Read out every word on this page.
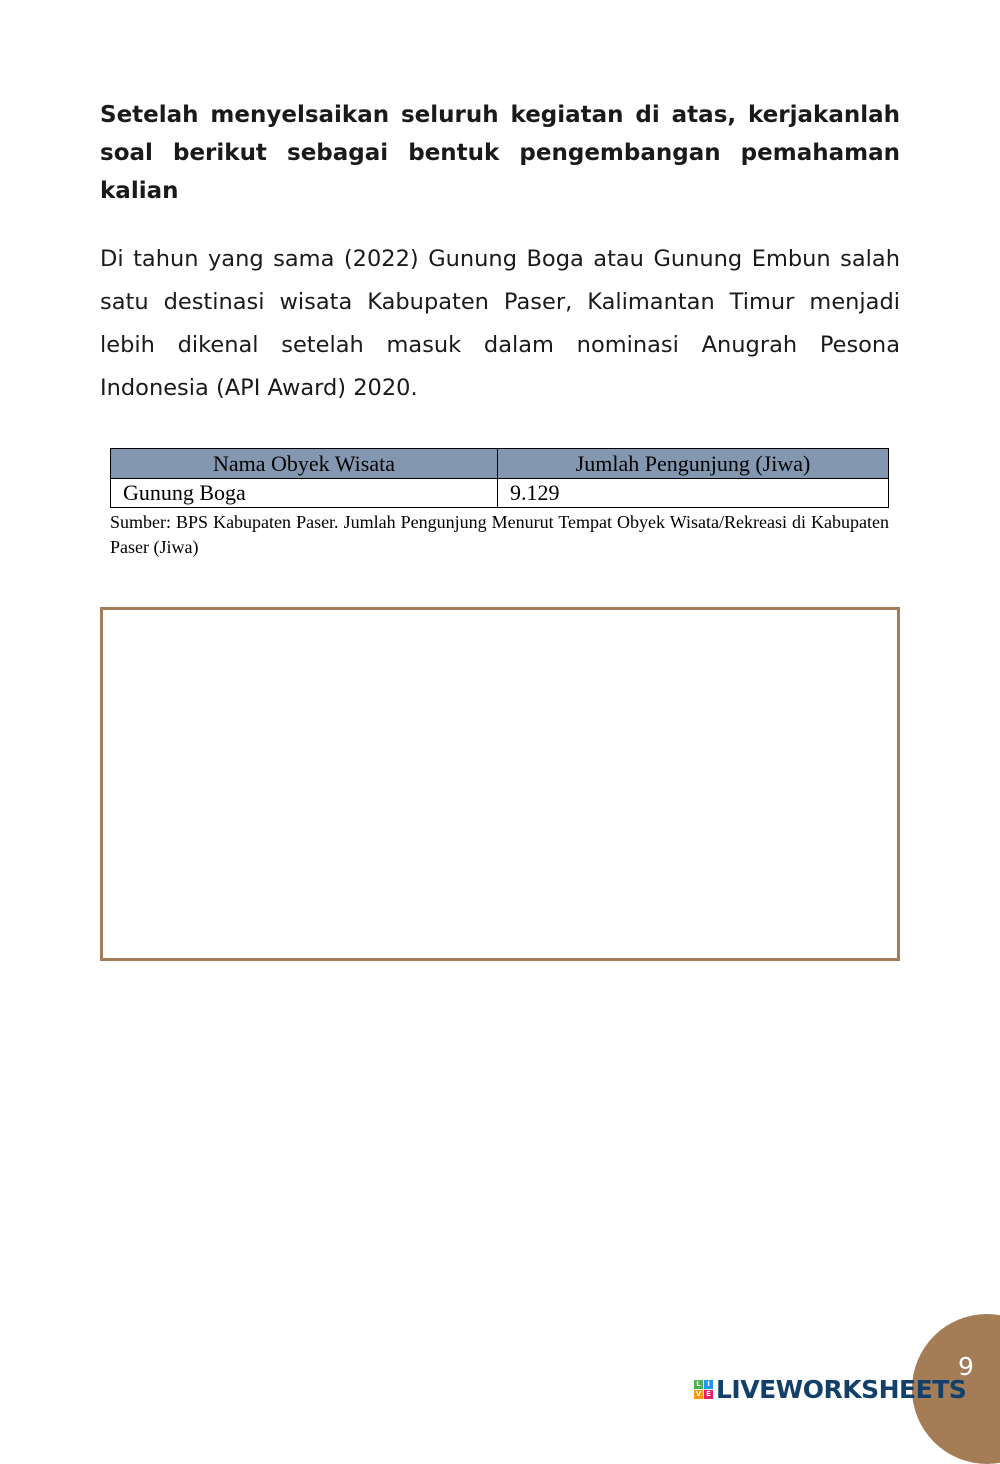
Setelah menyelsaikan seluruh kegiatan di atas, kerjakanlah soal berikut sebagai bentuk pengembangan pemahaman kalian
Di tahun yang sama (2022) Gunung Boga atau Gunung Embun salah satu destinasi wisata Kabupaten Paser, Kalimantan Timur menjadi lebih dikenal setelah masuk dalam nominasi Anugrah Pesona Indonesia (API Award) 2020.
Nama Obyek Wisata	Jumlah Pengunjung (Jiwa)
Gunung Boga	9.129
Sumber: BPS Kabupaten Paser. Jumlah Pengunjung Menurut Tempat Obyek Wisata/Rekreasi di Kabupaten Paser (Jiwa)
9
L I
V E LIVEWORKSHEETS
